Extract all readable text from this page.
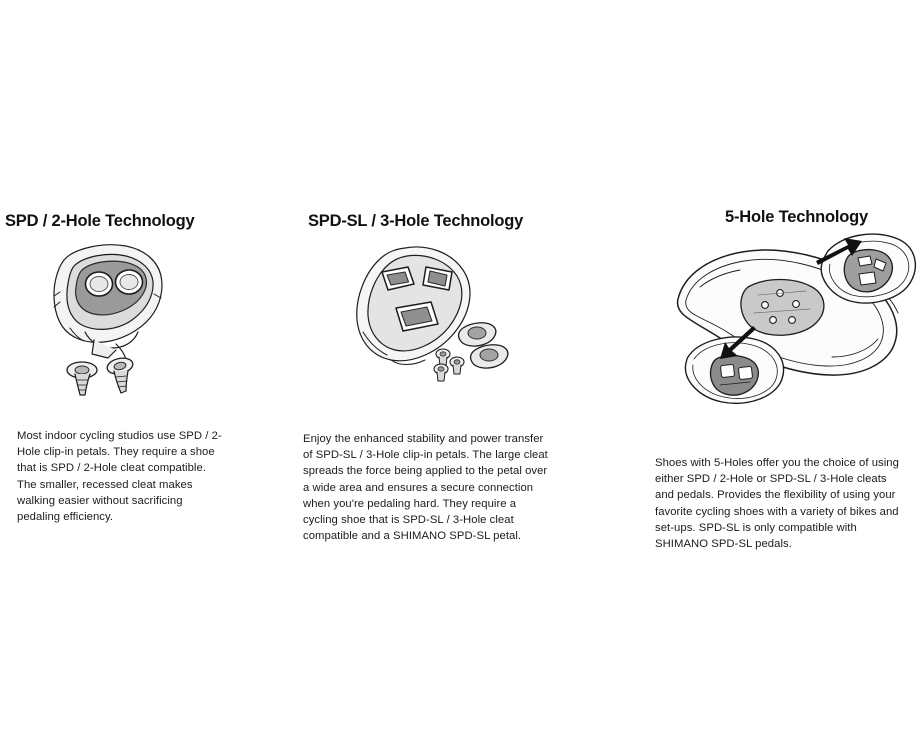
SPD / 2-Hole Technology

Most indoor cycling studios use SPD / 2-Hole clip-in petals. They require a shoe that is SPD / 2-Hole cleat compatible. The smaller, recessed cleat makes walking easier without sacrificing pedaling efficiency.

SPD-SL / 3-Hole Technology

Enjoy the enhanced stability and power transfer of SPD-SL / 3-Hole clip-in petals. The large cleat spreads the force being applied to the petal over a wide area and ensures a secure connection when you're pedaling hard. They require a cycling shoe that is SPD-SL / 3-Hole cleat compatible and a SHIMANO SPD-SL petal.

5-Hole Technology

Shoes with 5-Holes offer you the choice of using either SPD / 2-Hole or SPD-SL / 3-Hole cleats and pedals. Provides the flexibility of using your favorite cycling shoes with a variety of bikes and set-ups. SPD-SL is only compatible with SHIMANO SPD-SL pedals.
